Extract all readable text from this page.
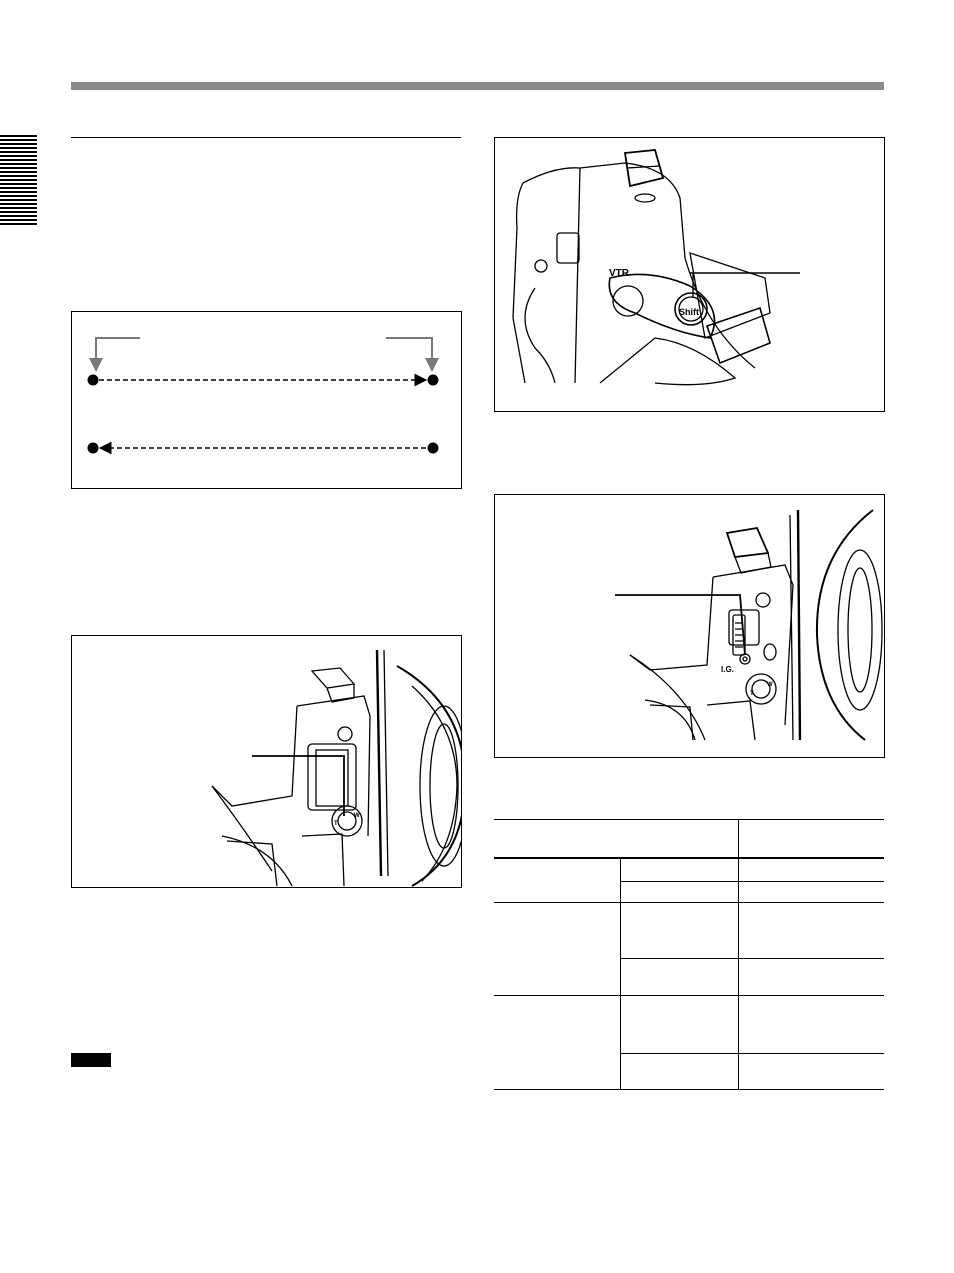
T
W
VTR
Shift
I.G.
T
W
